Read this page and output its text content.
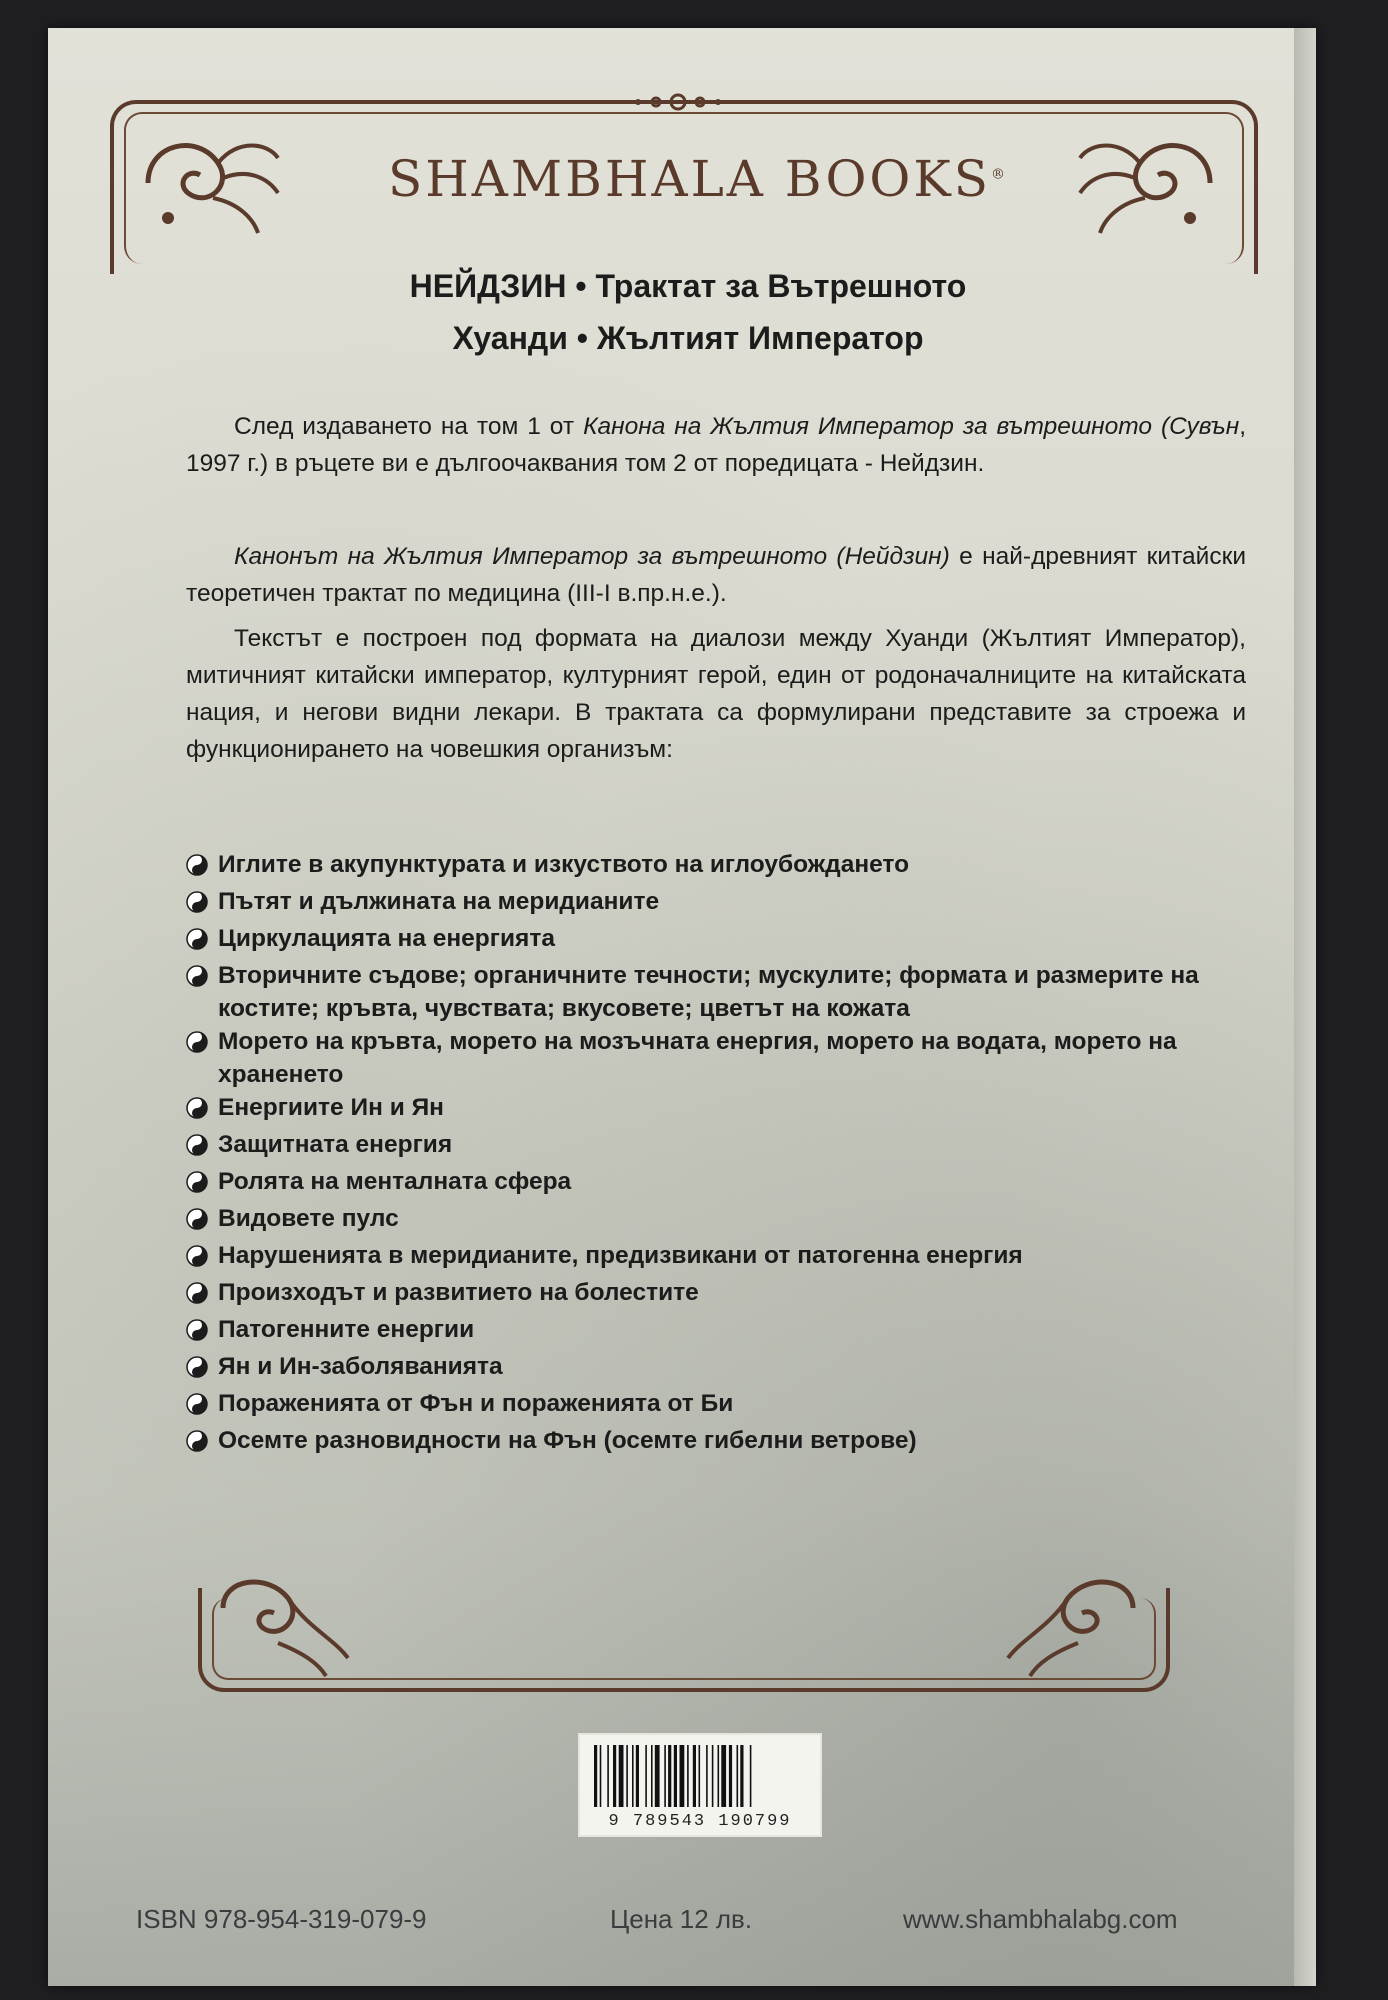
SHAMBHALA BOOKS®
НЕЙДЗИН • Трактат за Вътрешното
Хуанди • Жълтият Император

След издаването на том 1 от Канона на Жълтия Император за вътрешното (Сувън, 1997 г.) в ръцете ви е дългоочаквания том 2 от поредицата - Нейдзин.

Канонът на Жълтия Император за вътрешното (Нейдзин) е най-древният китайски теоретичен трактат по медицина (III-I в.пр.н.е.).

Текстът е построен под формата на диалози между Хуанди (Жълтият Император), митичният китайски император, културният герой, един от родоначалниците на китайската нация, и негови видни лекари. В трактата са формулирани представите за строежа и функционирането на човешкия организъм:

Иглите в акупунктурата и изкуството на иглоубождането
Пътят и дължината на меридианите
Циркулацията на енергията
Вторичните съдове; органичните течности; мускулите; формата и размерите на костите; кръвта, чувствата; вкусовете; цветът на кожата
Морето на кръвта, морето на мозъчната енергия, морето на водата, морето на храненето
Енергиите Ин и Ян
Защитната енергия
Ролята на менталната сфера
Видовете пулс
Нарушенията в меридианите, предизвикани от патогенна енергия
Произходът и развитието на болестите
Патогенните енергии
Ян и Ин-заболяванията
Пораженията от Фън и пораженията от Би
Осемте разновидности на Фън (осемте гибелни ветрове)
9 789543 190799
ISBN 978-954-319-079-9	Цена 12 лв.	www.shambhalabg.com
